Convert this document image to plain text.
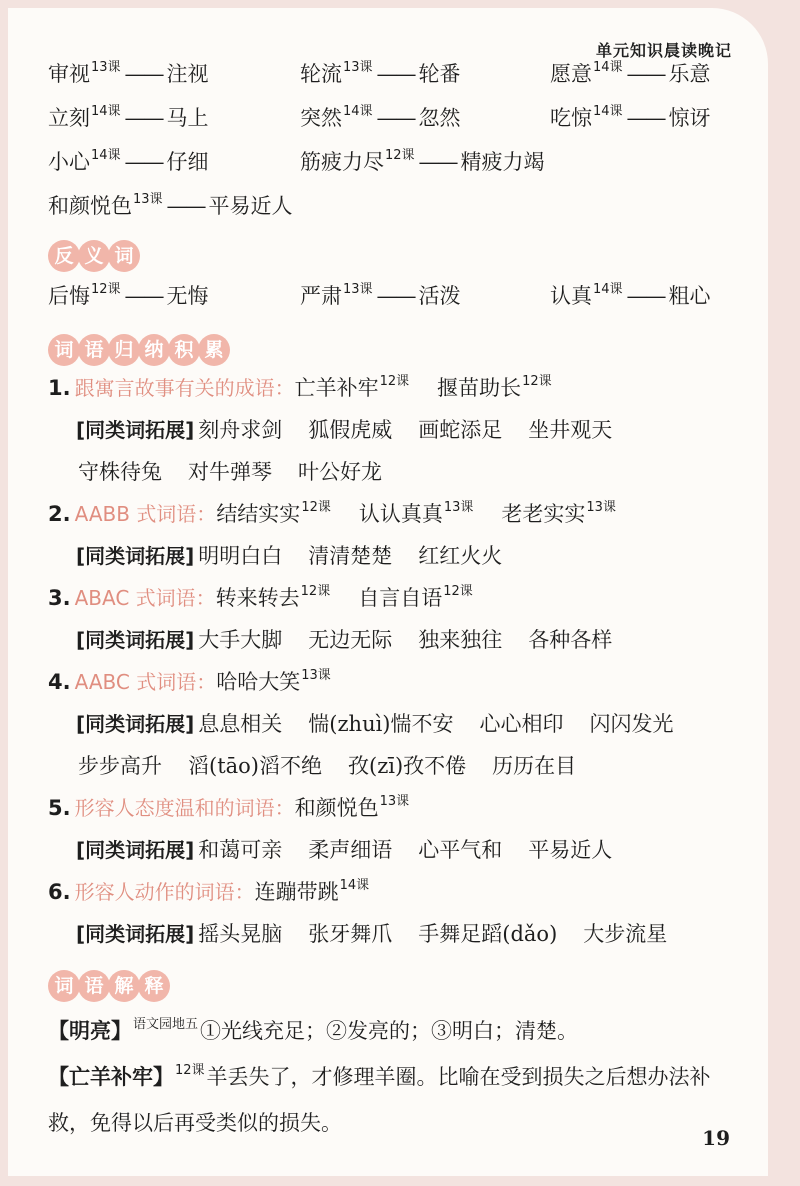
单元知识晨读晚记
审视$^{13课}$ —— 注视	轮流$^{13课}$ —— 轮番	愿意$^{14课}$ —— 乐意
立刻$^{14课}$ —— 马上	突然$^{14课}$ —— 忽然	吃惊$^{14课}$ —— 惊讶
小心$^{14课}$ —— 仔细	筋疲力尽$^{12课}$ —— 精疲力竭
和颜悦色$^{13课}$ —— 平易近人
反 义 词
后悔$^{12课}$ —— 无悔	严肃$^{13课}$ —— 活泼	认真$^{14课}$ —— 粗心
词 语 归 纳 积 累
1. 跟寓言故事有关的成语： 亡羊补牢$^{12课}$ 揠苗助长$^{12课}$
[同类词拓展] 刻舟求剑 狐假虎威 画蛇添足 坐井观天
守株待兔 对牛弹琴 叶公好龙
2. AABB 式词语： 结结实实$^{12课}$ 认认真真$^{13课}$ 老老实实$^{13课}$
[同类词拓展] 明明白白 清清楚楚 红红火火
3. ABAC 式词语： 转来转去$^{12课}$ 自言自语$^{12课}$
[同类词拓展] 大手大脚 无边无际 独来独往 各种各样
4. AABC 式词语： 哈哈大笑$^{13课}$
[同类词拓展] 息息相关 惴(zhuì)惴不安 心心相印 闪闪发光
步步高升 滔(tāo)滔不绝 孜(zī)孜不倦 历历在目
5. 形容人态度温和的词语： 和颜悦色$^{13课}$
[同类词拓展] 和蔼可亲 柔声细语 心平气和 平易近人
6. 形容人动作的词语： 连蹦带跳$^{14课}$
[同类词拓展] 摇头晃脑 张牙舞爪 手舞足蹈(dǎo) 大步流星
词 语 解 释
【明亮】$^{语文园地五}$①光线充足；②发亮的；③明白；清楚。
【亡羊补牢】$^{12课}$羊丢失了，才修理羊圈。比喻在受到损失之后想办法补救，免得以后再受类似的损失。
19
